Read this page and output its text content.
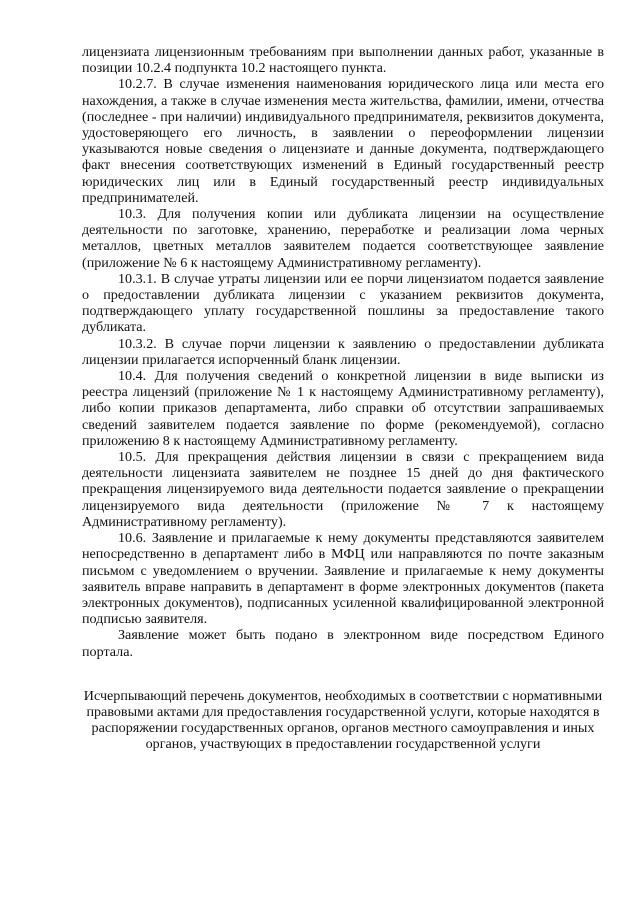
лицензиата лицензионным требованиям при выполнении данных работ, указанные в позиции 10.2.4 подпункта 10.2 настоящего пункта.

10.2.7. В случае изменения наименования юридического лица или места его нахождения, а также в случае изменения места жительства, фамилии, имени, отчества (последнее - при наличии) индивидуального предпринимателя, реквизитов документа, удостоверяющего его личность, в заявлении о переоформлении лицензии указываются новые сведения о лицензиате и данные документа, подтверждающего факт внесения соответствующих изменений в Единый государственный реестр юридических лиц или в Единый государственный реестр индивидуальных предпринимателей.

10.3. Для получения копии или дубликата лицензии на осуществление деятельности по заготовке, хранению, переработке и реализации лома черных металлов, цветных металлов заявителем подается соответствующее заявление (приложение № 6 к настоящему Административному регламенту).

10.3.1. В случае утраты лицензии или ее порчи лицензиатом подается заявление о предоставлении дубликата лицензии с указанием реквизитов документа, подтверждающего уплату государственной пошлины за предоставление такого дубликата.

10.3.2. В случае порчи лицензии к заявлению о предоставлении дубликата лицензии прилагается испорченный бланк лицензии.

10.4. Для получения сведений о конкретной лицензии в виде выписки из реестра лицензий (приложение № 1 к настоящему Административному регламенту), либо копии приказов департамента, либо справки об отсутствии запрашиваемых сведений заявителем подается заявление по форме (рекомендуемой), согласно приложению 8 к настоящему Административному регламенту.

10.5. Для прекращения действия лицензии в связи с прекращением вида деятельности лицензиата заявителем не позднее 15 дней до дня фактического прекращения лицензируемого вида деятельности подается заявление о прекращении лицензируемого вида деятельности (приложение № 7 к настоящему Административному регламенту).

10.6. Заявление и прилагаемые к нему документы представляются заявителем непосредственно в департамент либо в МФЦ или направляются по почте заказным письмом с уведомлением о вручении. Заявление и прилагаемые к нему документы заявитель вправе направить в департамент в форме электронных документов (пакета электронных документов), подписанных усиленной квалифицированной электронной подписью заявителя.

Заявление может быть подано в электронном виде посредством Единого портала.

Исчерпывающий перечень документов, необходимых в соответствии с нормативными правовыми актами для предоставления государственной услуги, которые находятся в распоряжении государственных органов, органов местного самоуправления и иных органов, участвующих в предоставлении государственной услуги
